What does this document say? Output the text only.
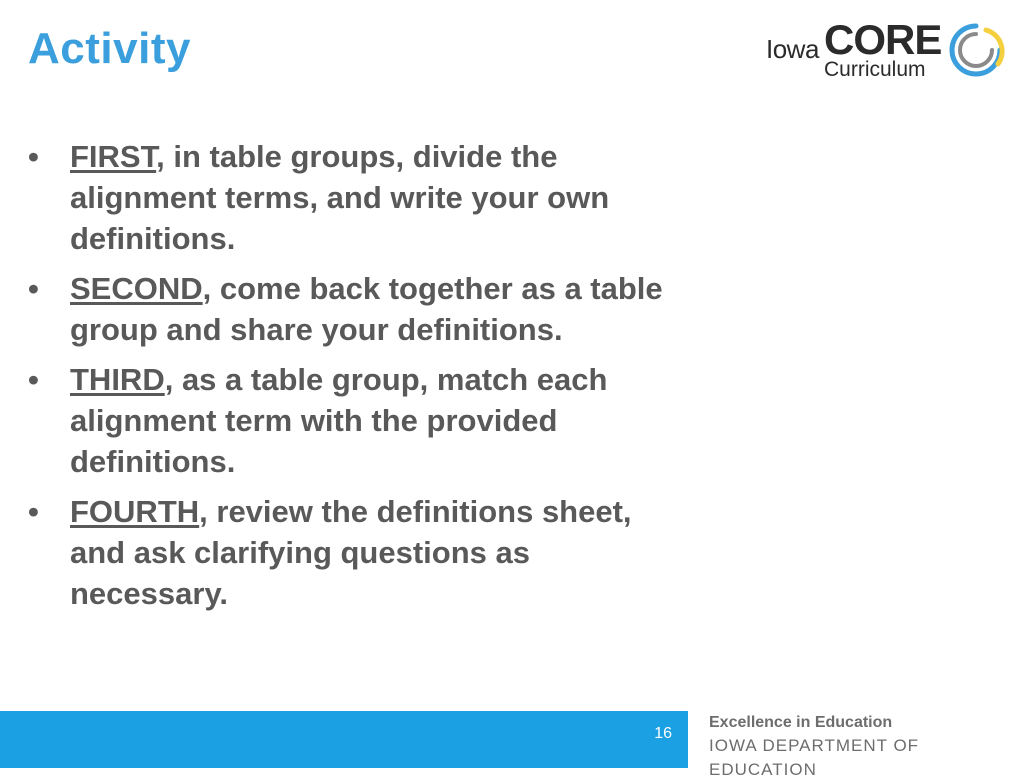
Activity	Iowa CORE
Curriculum
• FIRST, in table groups, divide the alignment terms, and write your own definitions.
• SECOND, come back together as a table group and share your definitions.
• THIRD, as a table group, match each alignment term with the provided definitions.
• FOURTH, review the definitions sheet, and ask clarifying questions as necessary.
16
Excellence in Education
IOWA DEPARTMENT OF EDUCATION
